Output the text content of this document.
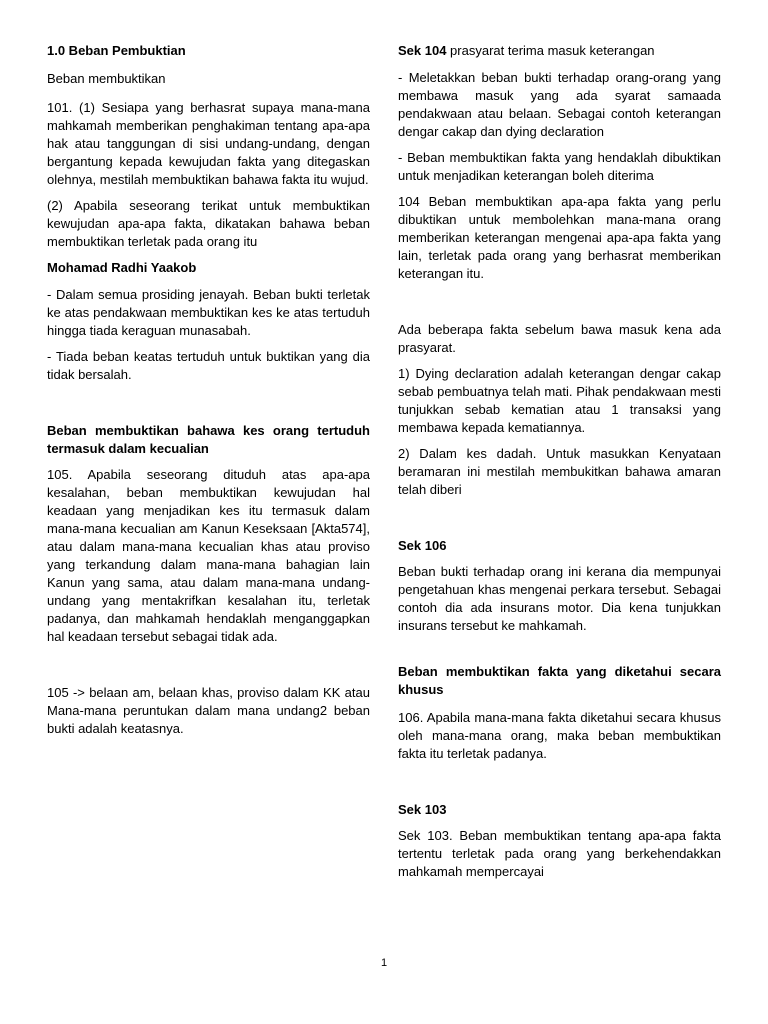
1.0 Beban Pembuktian

Beban membuktikan

101. (1) Sesiapa yang berhasrat supaya mana-mana mahkamah memberikan penghakiman tentang apa-apa hak atau tanggungan di sisi undang-undang, dengan bergantung kepada kewujudan fakta yang ditegaskan olehnya, mestilah membuktikan bahawa fakta itu wujud.

(2) Apabila seseorang terikat untuk membuktikan kewujudan apa-apa fakta, dikatakan bahawa beban membuktikan terletak pada orang itu

Mohamad Radhi Yaakob

- Dalam semua prosiding jenayah. Beban bukti terletak ke atas pendakwaan membuktikan kes ke atas tertuduh hingga tiada keraguan munasabah.

- Tiada beban keatas tertuduh untuk buktikan yang dia tidak bersalah.

Beban membuktikan bahawa kes orang tertuduh termasuk dalam kecualian

105. Apabila seseorang dituduh atas apa-apa kesalahan, beban membuktikan kewujudan hal keadaan yang menjadikan kes itu termasuk dalam mana-mana kecualian am Kanun Keseksaan [Akta574], atau dalam mana-mana kecualian khas atau proviso yang terkandung dalam mana-mana bahagian lain Kanun yang sama, atau dalam mana-mana undang-undang yang mentakrifkan kesalahan itu, terletak padanya, dan mahkamah hendaklah menganggapkan hal keadaan tersebut sebagai tidak ada.

105 -> belaan am, belaan khas, proviso dalam KK atau Mana-mana peruntukan dalam mana undang2 beban bukti adalah keatasnya.

Sek 104 prasyarat terima masuk keterangan

- Meletakkan beban bukti terhadap orang-orang yang membawa masuk yang ada syarat samaada pendakwaan atau belaan. Sebagai contoh keterangan dengar cakap dan dying declaration

- Beban membuktikan fakta yang hendaklah dibuktikan untuk menjadikan keterangan boleh diterima

104 Beban membuktikan apa-apa fakta yang perlu dibuktikan untuk membolehkan mana-mana orang memberikan keterangan mengenai apa-apa fakta yang lain, terletak pada orang yang berhasrat memberikan keterangan itu.

Ada beberapa fakta sebelum bawa masuk kena ada prasyarat.

1) Dying declaration adalah keterangan dengar cakap sebab pembuatnya telah mati. Pihak pendakwaan mesti tunjukkan sebab kematian atau 1 transaksi yang membawa kepada kematiannya.

2) Dalam kes dadah. Untuk masukkan Kenyataan beramaran ini mestilah membukitkan bahawa amaran telah diberi

Sek 106

Beban bukti terhadap orang ini kerana dia mempunyai pengetahuan khas mengenai perkara tersebut. Sebagai contoh dia ada insurans motor. Dia kena tunjukkan insurans tersebut ke mahkamah.

Beban membuktikan fakta yang diketahui secara khusus

106. Apabila mana-mana fakta diketahui secara khusus oleh mana-mana orang, maka beban membuktikan fakta itu terletak padanya.

Sek 103

Sek 103. Beban membuktikan tentang apa-apa fakta tertentu terletak pada orang yang berkehendakkan mahkamah mempercayai

1
